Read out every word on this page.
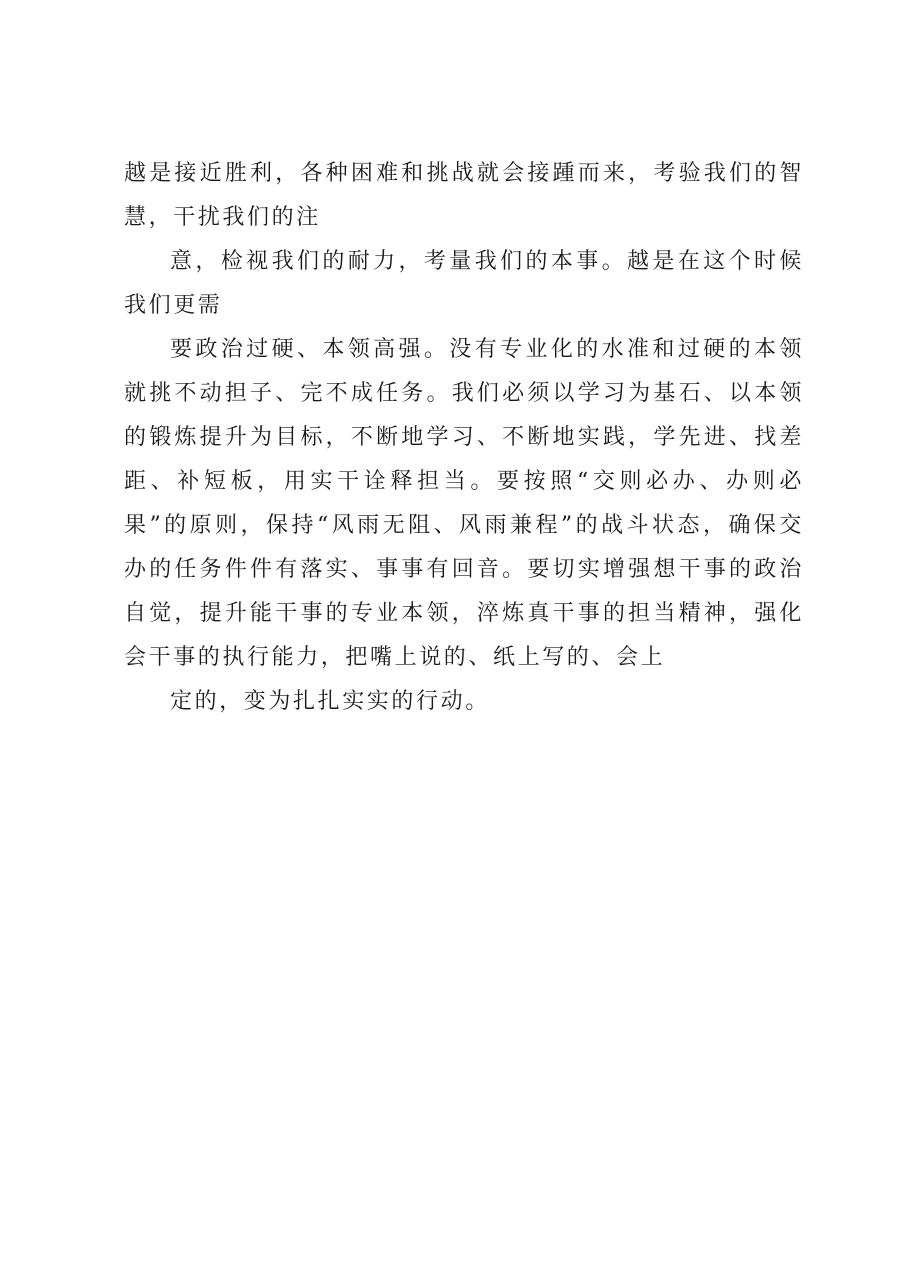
越是接近胜利，各种困难和挑战就会接踵而来，考验我们的智慧，干扰我们的注

意，检视我们的耐力，考量我们的本事。越是在这个时候我们更需

要政治过硬、本领高强。没有专业化的水准和过硬的本领就挑不动担子、完不成任务。我们必须以学习为基石、以本领的锻炼提升为目标，不断地学习、不断地实践，学先进、找差距、补短板，用实干诠释担当。要按照“交则必办、办则必果”的原则，保持“风雨无阻、风雨兼程”的战斗状态，确保交办的任务件件有落实、事事有回音。要切实增强想干事的政治自觉，提升能干事的专业本领，淬炼真干事的担当精神，强化会干事的执行能力，把嘴上说的、纸上写的、会上

定的，变为扎扎实实的行动。
